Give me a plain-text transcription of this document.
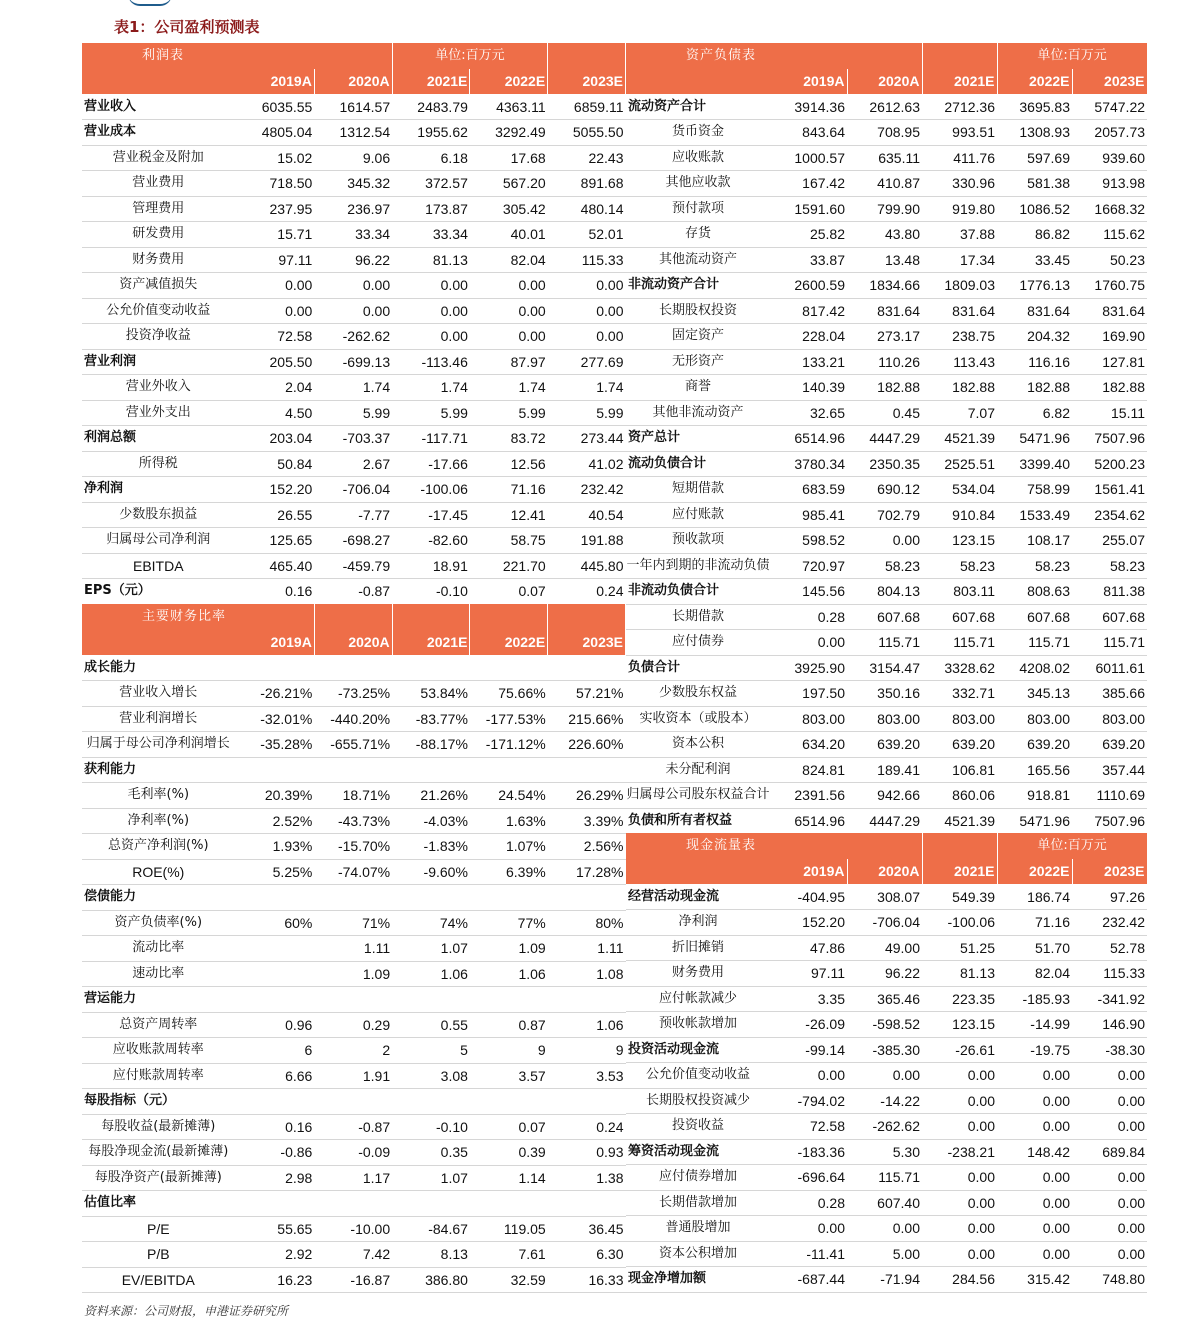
表1：公司盈利预测表
利润表			单位:百万元		
	2019A	2020A	2021E	2022E	2023E
营业收入	6035.55	1614.57	2483.79	4363.11	6859.11
营业成本	4805.04	1312.54	1955.62	3292.49	5055.50
营业税金及附加	15.02	9.06	6.18	17.68	22.43
营业费用	718.50	345.32	372.57	567.20	891.68
管理费用	237.95	236.97	173.87	305.42	480.14
研发费用	15.71	33.34	33.34	40.01	52.01
财务费用	97.11	96.22	81.13	82.04	115.33
资产减值损失	0.00	0.00	0.00	0.00	0.00
公允价值变动收益	0.00	0.00	0.00	0.00	0.00
投资净收益	72.58	-262.62	0.00	0.00	0.00
营业利润	205.50	-699.13	-113.46	87.97	277.69
营业外收入	2.04	1.74	1.74	1.74	1.74
营业外支出	4.50	5.99	5.99	5.99	5.99
利润总额	203.04	-703.37	-117.71	83.72	273.44
所得税	50.84	2.67	-17.66	12.56	41.02
净利润	152.20	-706.04	-100.06	71.16	232.42
少数股东损益	26.55	-7.77	-17.45	12.41	40.54
归属母公司净利润	125.65	-698.27	-82.60	58.75	191.88
EBITDA	465.40	-459.79	18.91	221.70	445.80
EPS（元）	0.16	-0.87	-0.10	0.07	0.24
主要财务比率					
	2019A	2020A	2021E	2022E	2023E
成长能力					
营业收入增长	-26.21%	-73.25%	53.84%	75.66%	57.21%
营业利润增长	-32.01%	-440.20%	-83.77%	-177.53%	215.66%
归属于母公司净利润增长	-35.28%	-655.71%	-88.17%	-171.12%	226.60%
获利能力					
毛利率(%)	20.39%	18.71%	21.26%	24.54%	26.29%
净利率(%)	2.52%	-43.73%	-4.03%	1.63%	3.39%
总资产净利润(%)	1.93%	-15.70%	-1.83%	1.07%	2.56%
ROE(%)	5.25%	-74.07%	-9.60%	6.39%	17.28%
偿债能力					
资产负债率(%)	60%	71%	74%	77%	80%
流动比率		1.11	1.07	1.09	1.11
速动比率		1.09	1.06	1.06	1.08
营运能力					
总资产周转率	0.96	0.29	0.55	0.87	1.06
应收账款周转率	6	2	5	9	9
应付账款周转率	6.66	1.91	3.08	3.57	3.53
每股指标（元）					
每股收益(最新摊薄)	0.16	-0.87	-0.10	0.07	0.24
每股净现金流(最新摊薄)	-0.86	-0.09	0.35	0.39	0.93
每股净资产(最新摊薄)	2.98	1.17	1.07	1.14	1.38
估值比率					
P/E	55.65	-10.00	-84.67	119.05	36.45
P/B	2.92	7.42	8.13	7.61	6.30
EV/EBITDA	16.23	-16.87	386.80	32.59	16.33
资产负债表				单位:百万元	
	2019A	2020A	2021E	2022E	2023E
流动资产合计	3914.36	2612.63	2712.36	3695.83	5747.22
货币资金	843.64	708.95	993.51	1308.93	2057.73
应收账款	1000.57	635.11	411.76	597.69	939.60
其他应收款	167.42	410.87	330.96	581.38	913.98
预付款项	1591.60	799.90	919.80	1086.52	1668.32
存货	25.82	43.80	37.88	86.82	115.62
其他流动资产	33.87	13.48	17.34	33.45	50.23
非流动资产合计	2600.59	1834.66	1809.03	1776.13	1760.75
长期股权投资	817.42	831.64	831.64	831.64	831.64
固定资产	228.04	273.17	238.75	204.32	169.90
无形资产	133.21	110.26	113.43	116.16	127.81
商誉	140.39	182.88	182.88	182.88	182.88
其他非流动资产	32.65	0.45	7.07	6.82	15.11
资产总计	6514.96	4447.29	4521.39	5471.96	7507.96
流动负债合计	3780.34	2350.35	2525.51	3399.40	5200.23
短期借款	683.59	690.12	534.04	758.99	1561.41
应付账款	985.41	702.79	910.84	1533.49	2354.62
预收款项	598.52	0.00	123.15	108.17	255.07
一年内到期的非流动负债	720.97	58.23	58.23	58.23	58.23
非流动负债合计	145.56	804.13	803.11	808.63	811.38
长期借款	0.28	607.68	607.68	607.68	607.68
应付债券	0.00	115.71	115.71	115.71	115.71
负债合计	3925.90	3154.47	3328.62	4208.02	6011.61
少数股东权益	197.50	350.16	332.71	345.13	385.66
实收资本（或股本）	803.00	803.00	803.00	803.00	803.00
资本公积	634.20	639.20	639.20	639.20	639.20
未分配利润	824.81	189.41	106.81	165.56	357.44
归属母公司股东权益合计	2391.56	942.66	860.06	918.81	1110.69
负债和所有者权益	6514.96	4447.29	4521.39	5471.96	7507.96
现金流量表				单位:百万元	
	2019A	2020A	2021E	2022E	2023E
经营活动现金流	-404.95	308.07	549.39	186.74	97.26
净利润	152.20	-706.04	-100.06	71.16	232.42
折旧摊销	47.86	49.00	51.25	51.70	52.78
财务费用	97.11	96.22	81.13	82.04	115.33
应付帐款减少	3.35	365.46	223.35	-185.93	-341.92
预收帐款增加	-26.09	-598.52	123.15	-14.99	146.90
投资活动现金流	-99.14	-385.30	-26.61	-19.75	-38.30
公允价值变动收益	0.00	0.00	0.00	0.00	0.00
长期股权投资减少	-794.02	-14.22	0.00	0.00	0.00
投资收益	72.58	-262.62	0.00	0.00	0.00
筹资活动现金流	-183.36	5.30	-238.21	148.42	689.84
应付债券增加	-696.64	115.71	0.00	0.00	0.00
长期借款增加	0.28	607.40	0.00	0.00	0.00
普通股增加	0.00	0.00	0.00	0.00	0.00
资本公积增加	-11.41	5.00	0.00	0.00	0.00
现金净增加额	-687.44	-71.94	284.56	315.42	748.80
资料来源：公司财报，申港证券研究所
